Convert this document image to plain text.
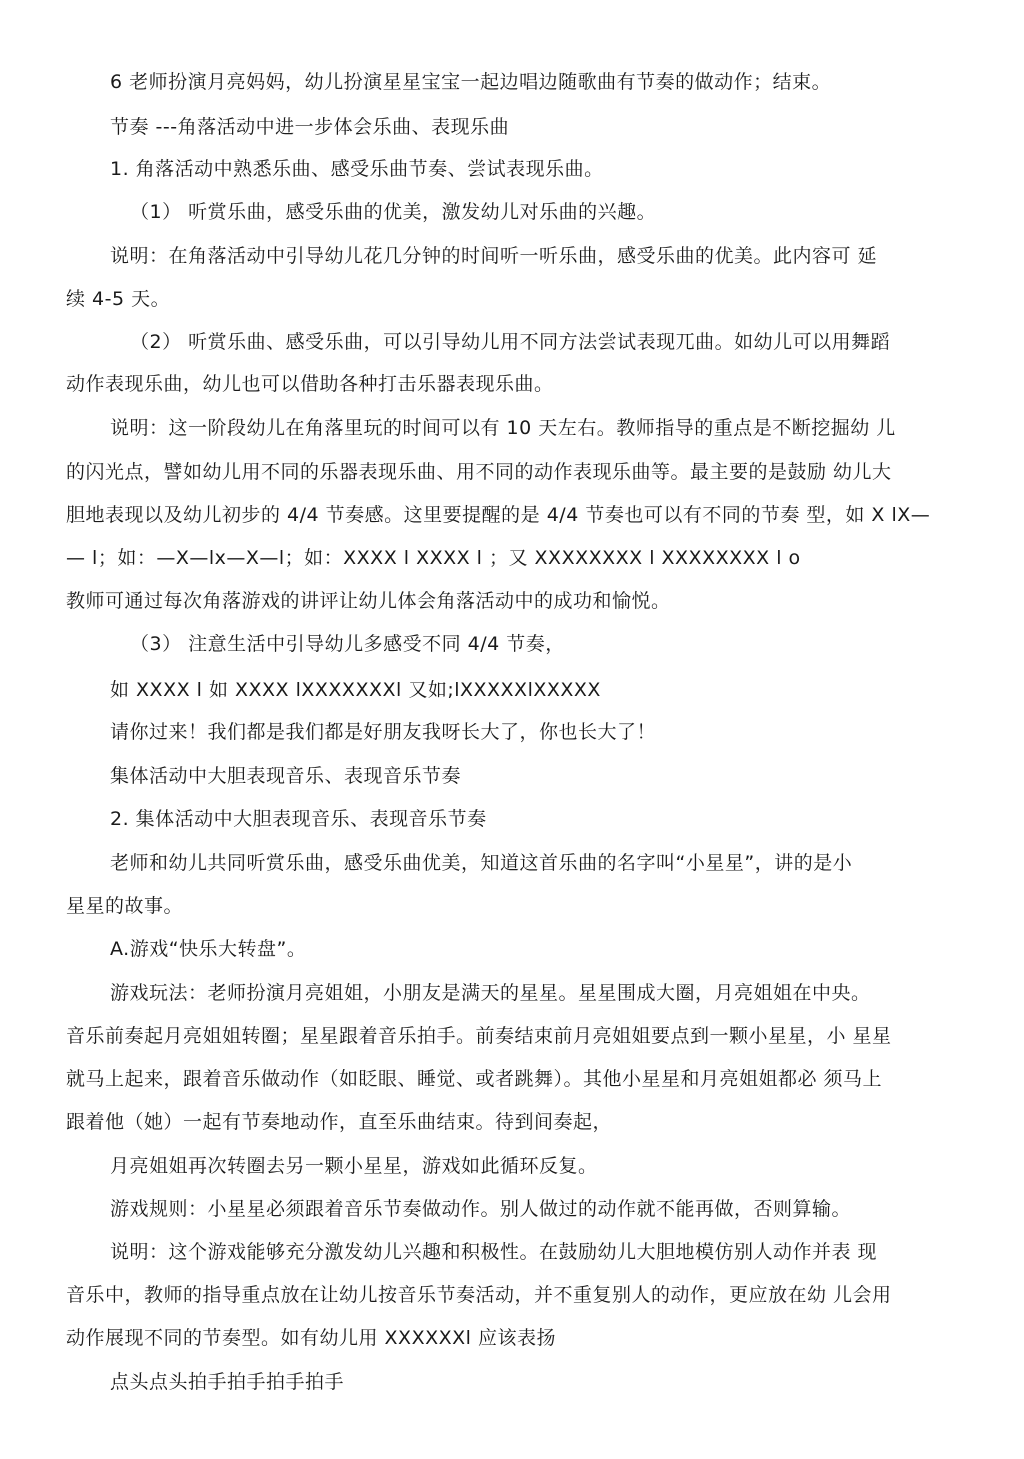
6 老师扮演月亮妈妈，幼儿扮演星星宝宝一起边唱边随歌曲有节奏的做动作；结束。
节奏 ---角落活动中进一步体会乐曲、表现乐曲
1. 角落活动中熟悉乐曲、感受乐曲节奏、尝试表现乐曲。
（1） 听赏乐曲，感受乐曲的优美，激发幼儿对乐曲的兴趣。
说明：在角落活动中引导幼儿花几分钟的时间听一听乐曲，感受乐曲的优美。此内容可 延
续 4-5 天。
（2） 听赏乐曲、感受乐曲，可以引导幼儿用不同方法尝试表现兀曲。如幼儿可以用舞蹈
动作表现乐曲，幼儿也可以借助各种打击乐器表现乐曲。
说明：这一阶段幼儿在角落里玩的时间可以有 10 天左右。教师指导的重点是不断挖掘幼 儿
的闪光点，譬如幼儿用不同的乐器表现乐曲、用不同的动作表现乐曲等。最主要的是鼓励 幼儿大
胆地表现以及幼儿初步的 4/4 节奏感。这里要提醒的是 4/4 节奏也可以有不同的节奏 型，如 X lX—
— l；如：—X—lx—X—l；如：XXXX l XXXX l ；又 XXXXXXXX l XXXXXXXX l o
教师可通过每次角落游戏的讲评让幼儿体会角落活动中的成功和愉悦。
（3） 注意生活中引导幼儿多感受不同 4/4 节奏，
如 XXXX l 如 XXXX lXXXXXXXl 又如;lXXXXXlXXXXX
请你过来！我们都是我们都是好朋友我呀长大了，你也长大了！
集体活动中大胆表现音乐、表现音乐节奏
2. 集体活动中大胆表现音乐、表现音乐节奏
老师和幼儿共同听赏乐曲，感受乐曲优美，知道这首乐曲的名字叫“小星星”，讲的是小
星星的故事。
A.游戏“快乐大转盘”。
游戏玩法：老师扮演月亮姐姐，小朋友是满天的星星。星星围成大圈，月亮姐姐在中央。
音乐前奏起月亮姐姐转圈；星星跟着音乐拍手。前奏结束前月亮姐姐要点到一颗小星星，小 星星
就马上起来，跟着音乐做动作（如眨眼、睡觉、或者跳舞）。其他小星星和月亮姐姐都必 须马上
跟着他（她）一起有节奏地动作，直至乐曲结束。待到间奏起，
月亮姐姐再次转圈去另一颗小星星，游戏如此循环反复。
游戏规则：小星星必须跟着音乐节奏做动作。别人做过的动作就不能再做，否则算输。
说明：这个游戏能够充分激发幼儿兴趣和积极性。在鼓励幼儿大胆地模仿别人动作并表 现
音乐中，教师的指导重点放在让幼儿按音乐节奏活动，并不重复别人的动作，更应放在幼 儿会用
动作展现不同的节奏型。如有幼儿用 XXXXXXl 应该表扬
点头点头拍手拍手拍手拍手
